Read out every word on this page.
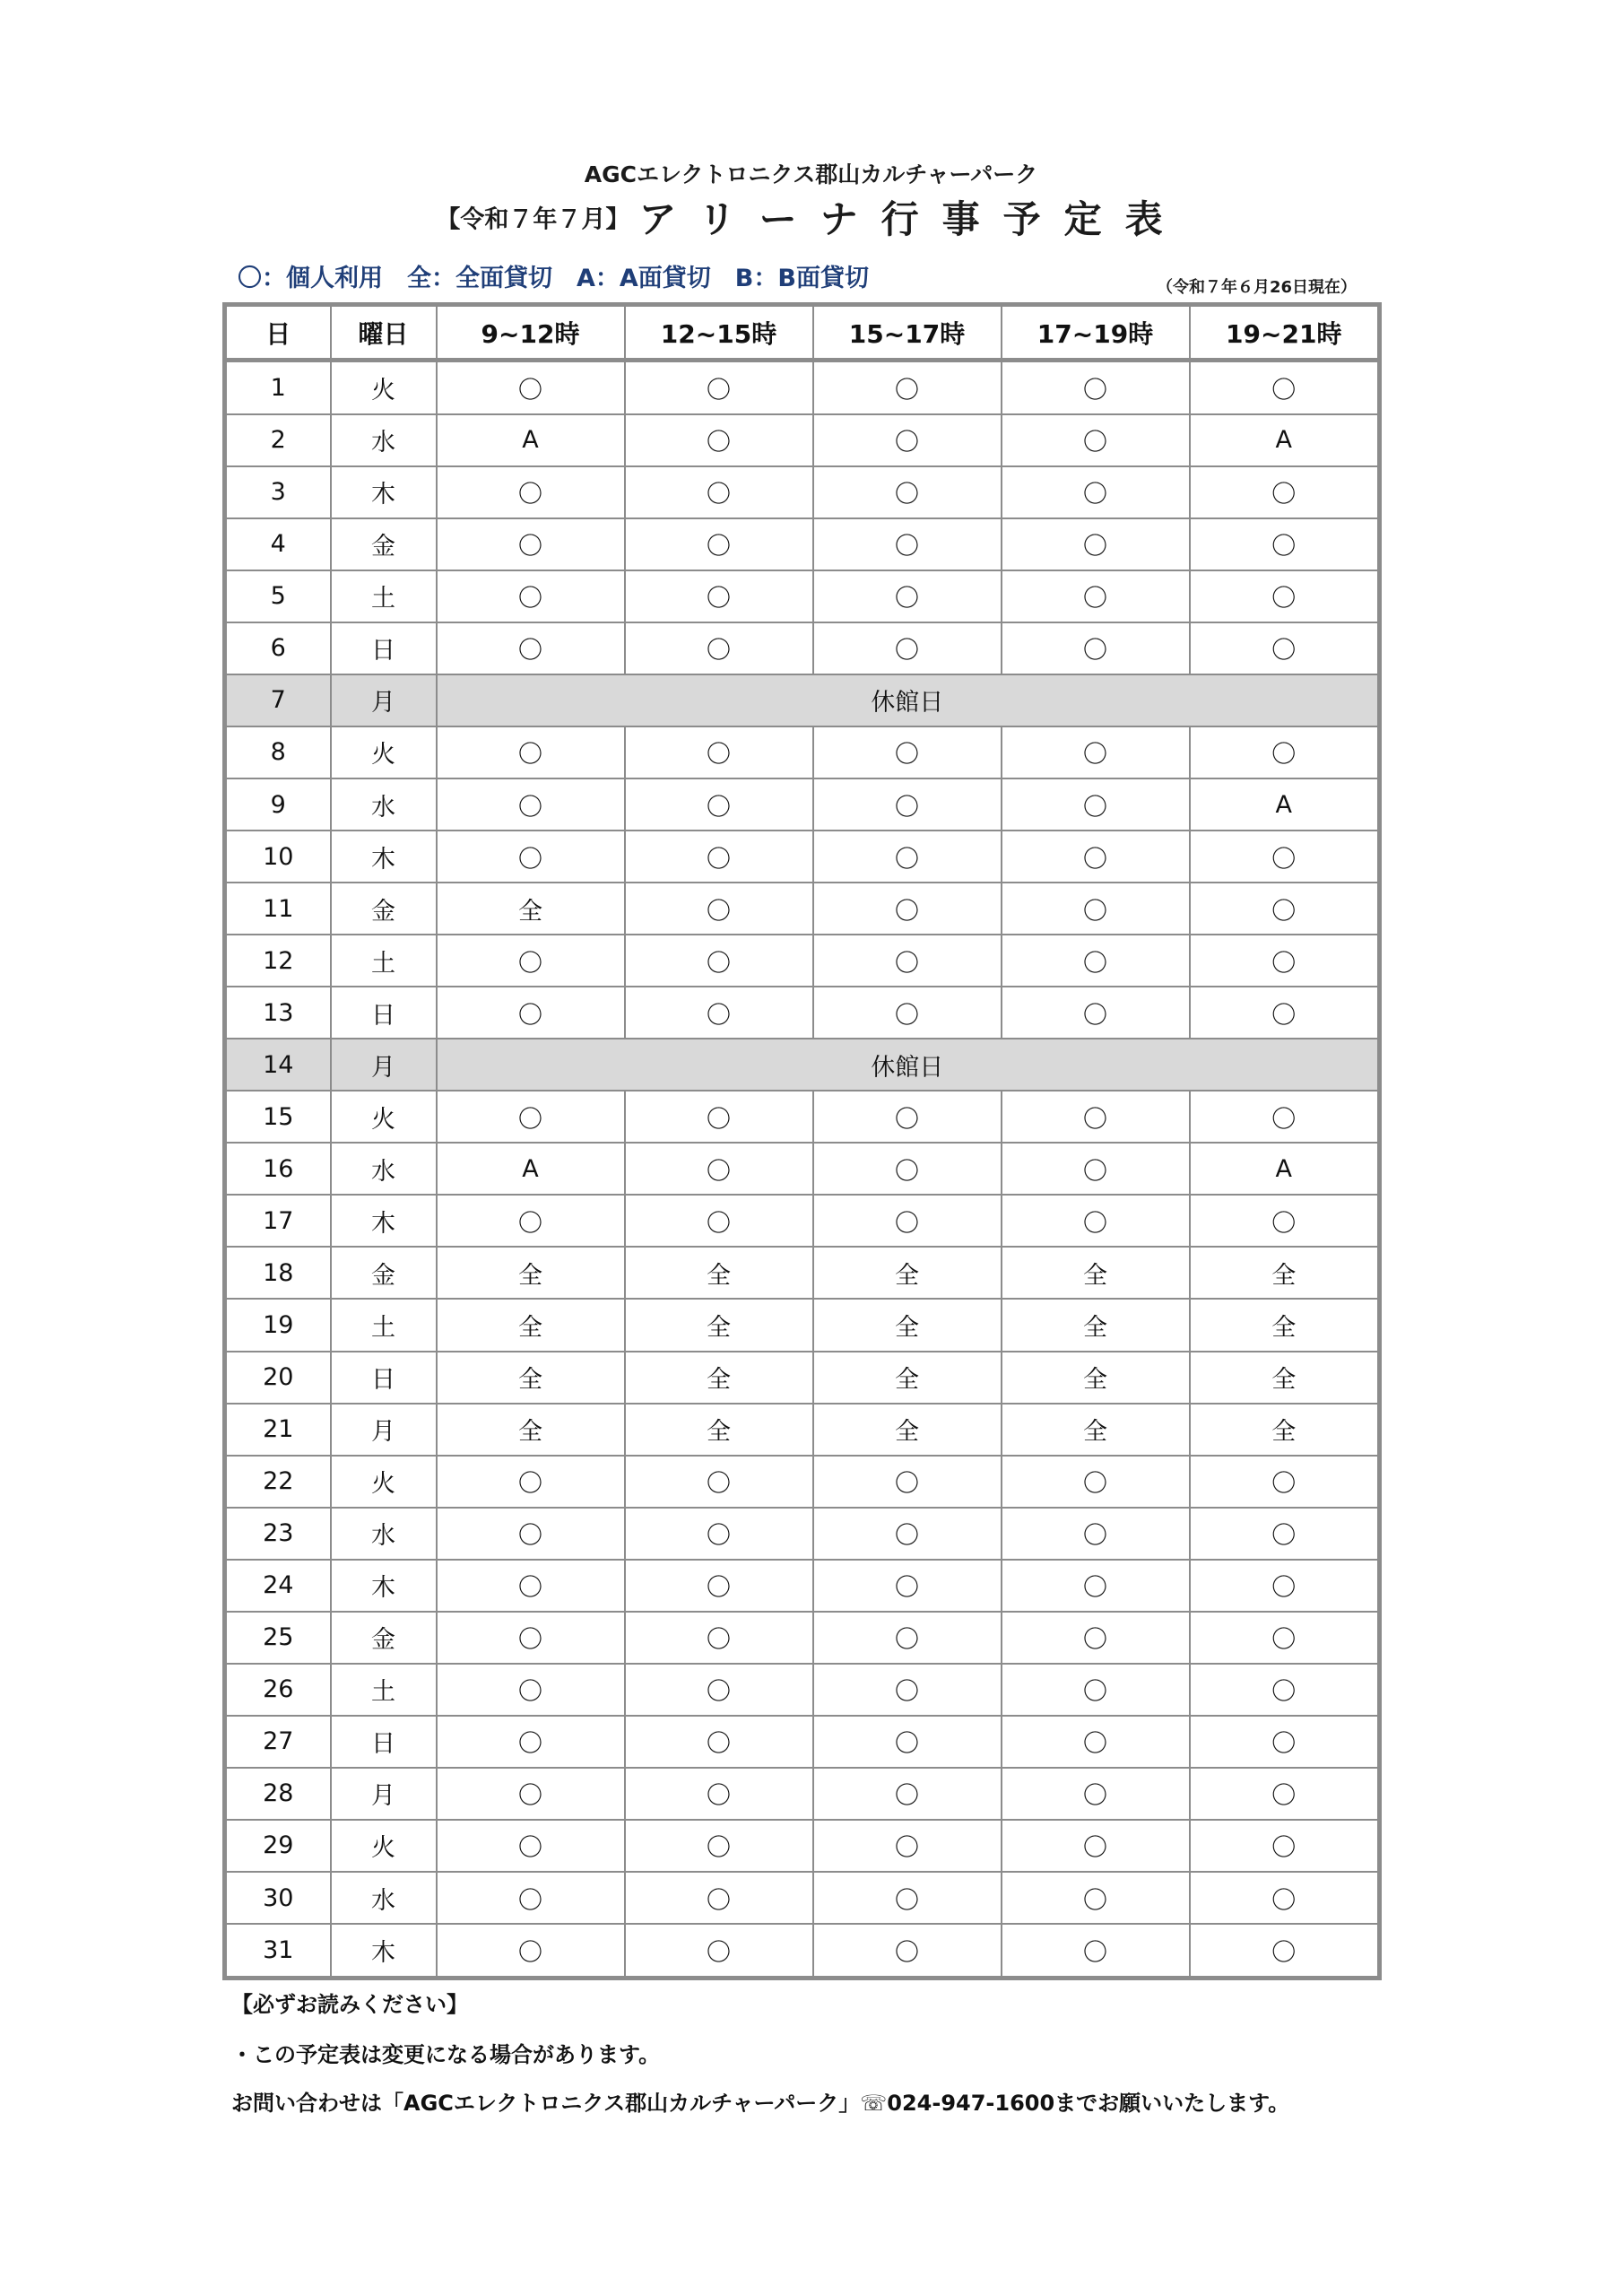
AGCエレクトロニクス郡山カルチャーパーク
【令和７年７月】 アリーナ行事予定表
〇：個人利用　全：全面貸切　A：A面貸切　B：B面貸切	（令和７年６月26日現在）
日	曜日	9~12時	12~15時	15~17時	17~19時	19~21時
1	火	〇	〇	〇	〇	〇
2	水	A	〇	〇	〇	A
3	木	〇	〇	〇	〇	〇
4	金	〇	〇	〇	〇	〇
5	土	〇	〇	〇	〇	〇
6	日	〇	〇	〇	〇	〇
7	月	休館日				
8	火	〇	〇	〇	〇	〇
9	水	〇	〇	〇	〇	A
10	木	〇	〇	〇	〇	〇
11	金	全	〇	〇	〇	〇
12	土	〇	〇	〇	〇	〇
13	日	〇	〇	〇	〇	〇
14	月	休館日				
15	火	〇	〇	〇	〇	〇
16	水	A	〇	〇	〇	A
17	木	〇	〇	〇	〇	〇
18	金	全	全	全	全	全
19	土	全	全	全	全	全
20	日	全	全	全	全	全
21	月	全	全	全	全	全
22	火	〇	〇	〇	〇	〇
23	水	〇	〇	〇	〇	〇
24	木	〇	〇	〇	〇	〇
25	金	〇	〇	〇	〇	〇
26	土	〇	〇	〇	〇	〇
27	日	〇	〇	〇	〇	〇
28	月	〇	〇	〇	〇	〇
29	火	〇	〇	〇	〇	〇
30	水	〇	〇	〇	〇	〇
31	木	〇	〇	〇	〇	〇
【必ずお読みください】
・この予定表は変更になる場合があります。
お問い合わせは「AGCエレクトロニクス郡山カルチャーパーク」☏024-947-1600までお願いいたします。
